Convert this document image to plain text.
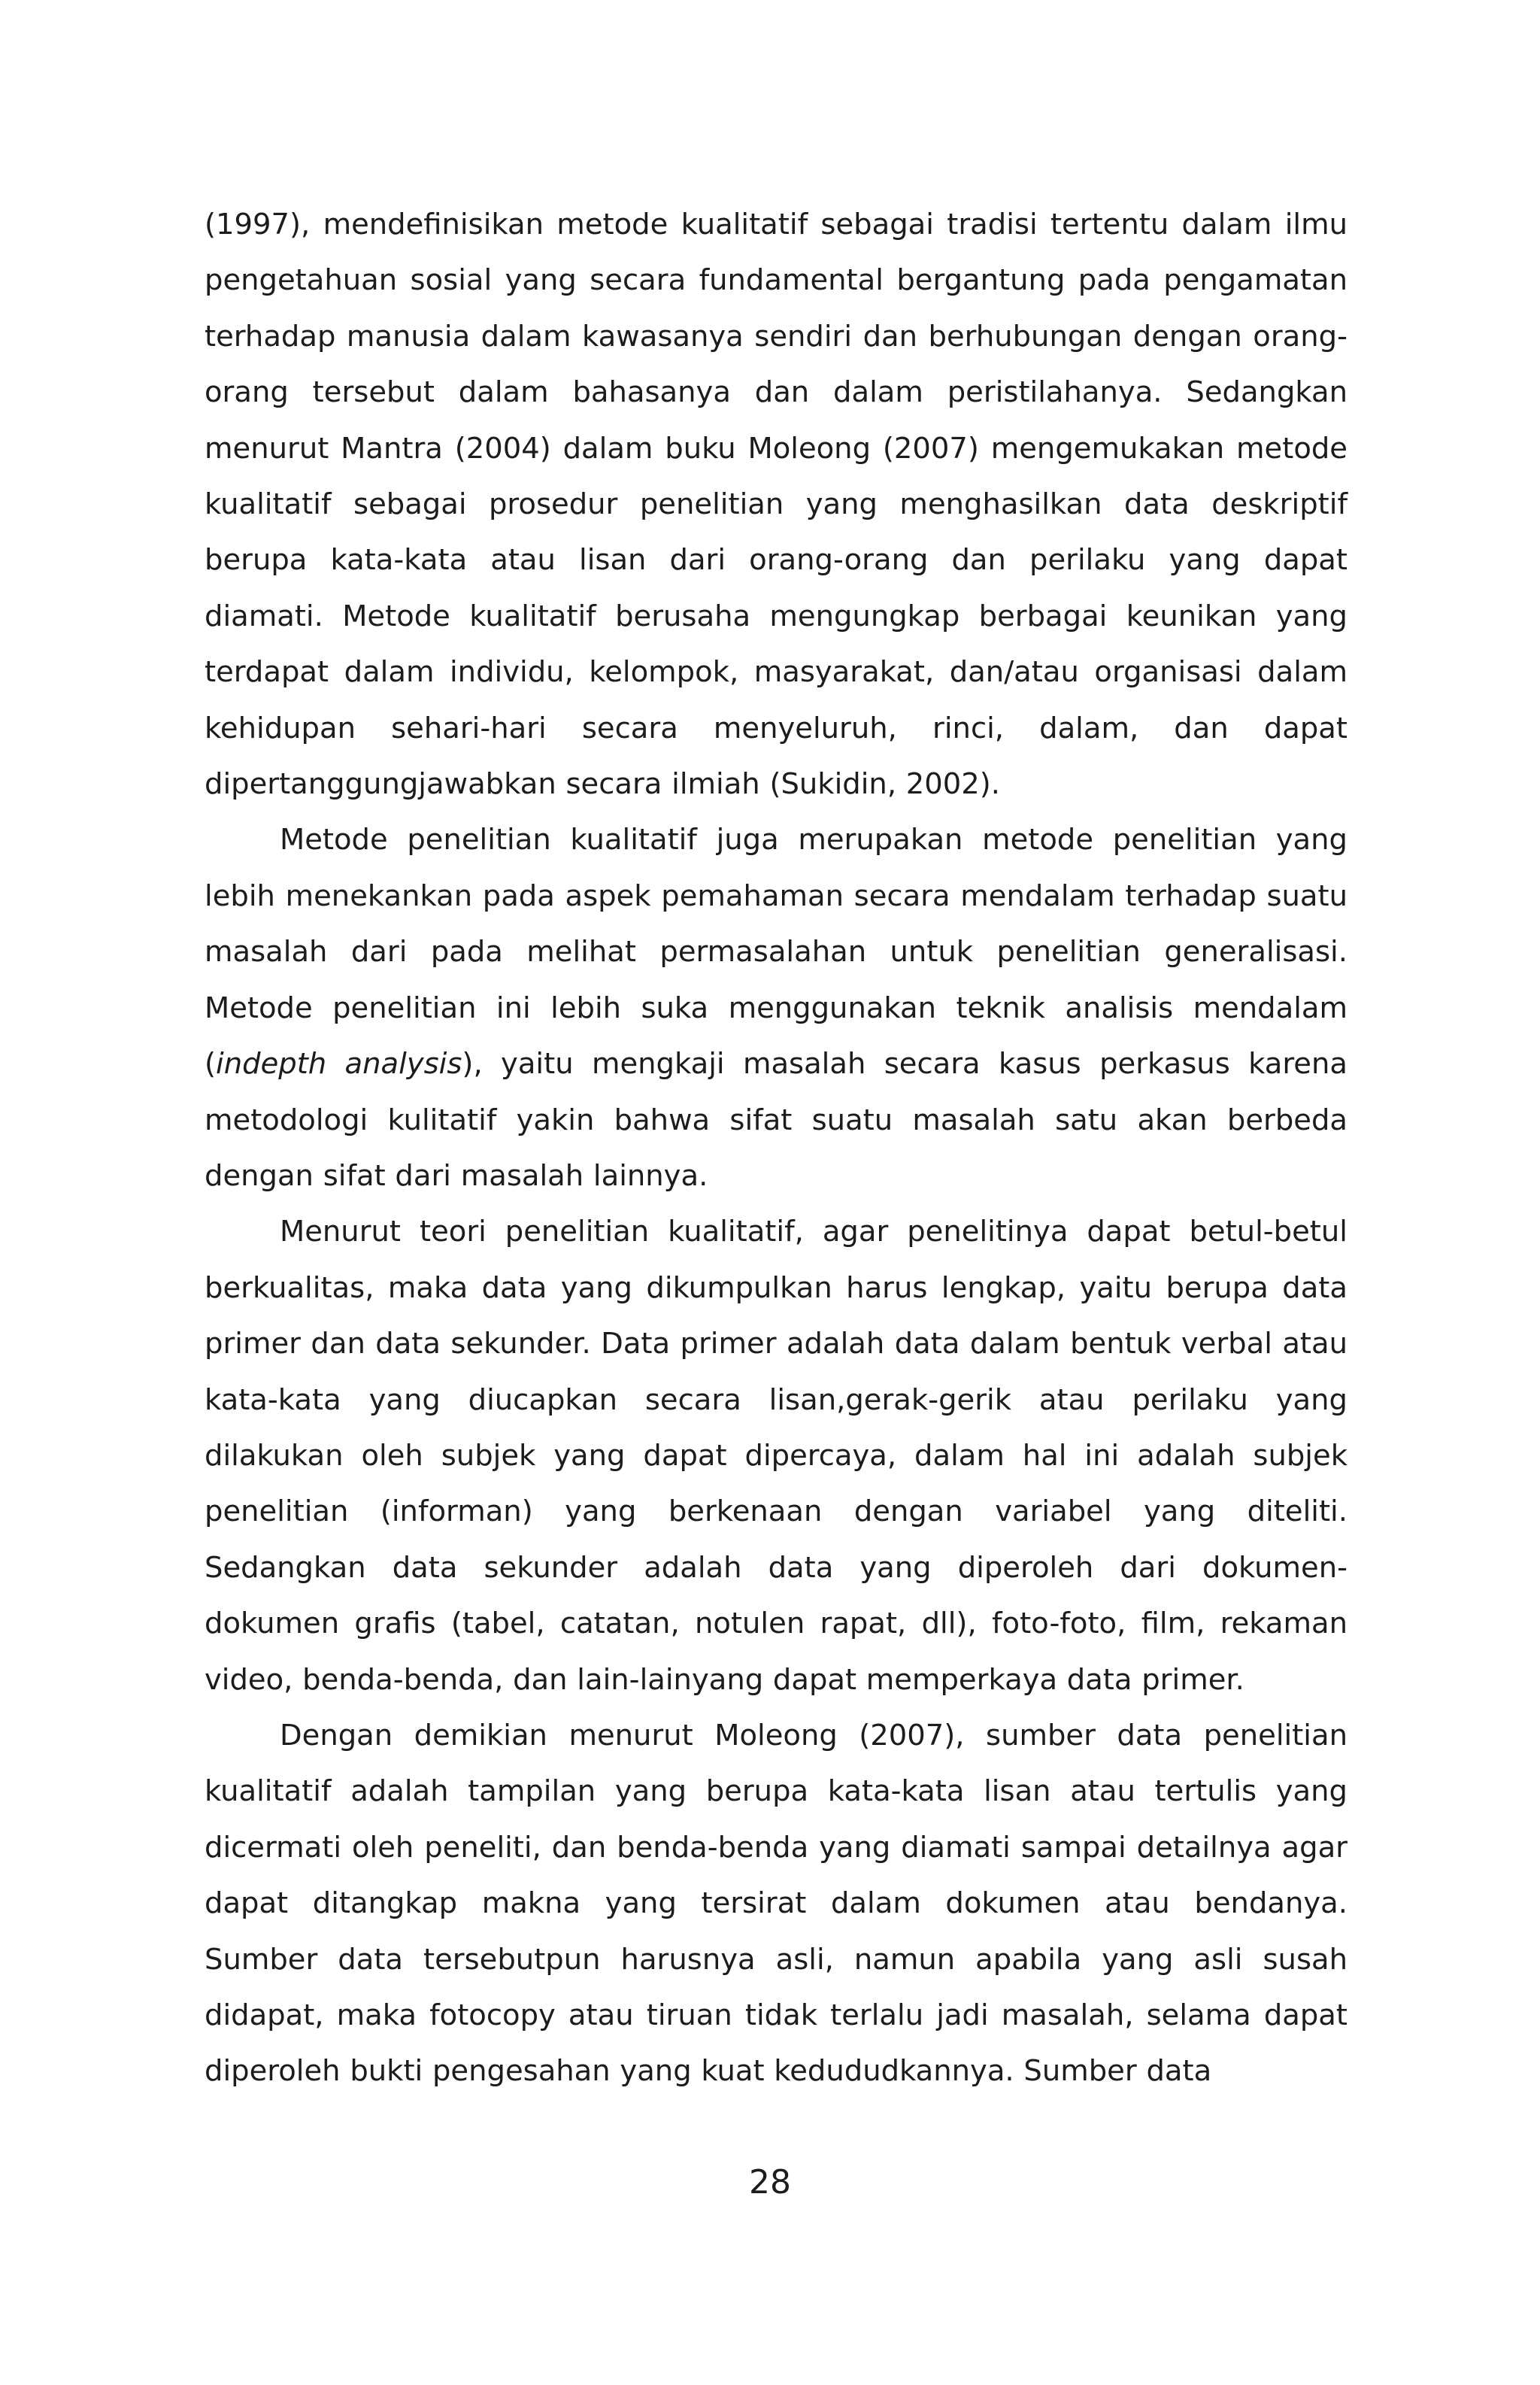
(1997), mendefinisikan metode kualitatif sebagai tradisi tertentu dalam ilmu pengetahuan sosial yang secara fundamental bergantung pada pengamatan terhadap manusia dalam kawasanya sendiri dan berhubungan dengan orang-orang tersebut dalam bahasanya dan dalam peristilahanya. Sedangkan menurut Mantra (2004) dalam buku Moleong (2007) mengemukakan metode kualitatif sebagai prosedur penelitian yang menghasilkan data deskriptif berupa kata-kata atau lisan dari orang-orang dan perilaku yang dapat diamati. Metode kualitatif berusaha mengungkap berbagai keunikan yang terdapat dalam individu, kelompok, masyarakat, dan/atau organisasi dalam kehidupan sehari-hari secara menyeluruh, rinci, dalam, dan dapat dipertanggungjawabkan secara ilmiah (Sukidin, 2002).

Metode penelitian kualitatif juga merupakan metode penelitian yang lebih menekankan pada aspek pemahaman secara mendalam terhadap suatu masalah dari pada melihat permasalahan untuk penelitian generalisasi. Metode penelitian ini lebih suka menggunakan teknik analisis mendalam (indepth analysis), yaitu mengkaji masalah secara kasus perkasus karena metodologi kulitatif yakin bahwa sifat suatu masalah satu akan berbeda dengan sifat dari masalah lainnya.

Menurut teori penelitian kualitatif, agar penelitinya dapat betul-betul berkualitas, maka data yang dikumpulkan harus lengkap, yaitu berupa data primer dan data sekunder. Data primer adalah data dalam bentuk verbal atau kata-kata yang diucapkan secara lisan,gerak-gerik atau perilaku yang dilakukan oleh subjek yang dapat dipercaya, dalam hal ini adalah subjek penelitian (informan) yang berkenaan dengan variabel yang diteliti. Sedangkan data sekunder adalah data yang diperoleh dari dokumen-dokumen grafis (tabel, catatan, notulen rapat, dll), foto-foto, film, rekaman video, benda-benda, dan lain-lainyang dapat memperkaya data primer.

Dengan demikian menurut Moleong (2007), sumber data penelitian kualitatif adalah tampilan yang berupa kata-kata lisan atau tertulis yang dicermati oleh peneliti, dan benda-benda yang diamati sampai detailnya agar dapat ditangkap makna yang tersirat dalam dokumen atau bendanya. Sumber data tersebutpun harusnya asli, namun apabila yang asli susah didapat, maka fotocopy atau tiruan tidak terlalu jadi masalah, selama dapat diperoleh bukti pengesahan yang kuat kedududkannya. Sumber data

28
